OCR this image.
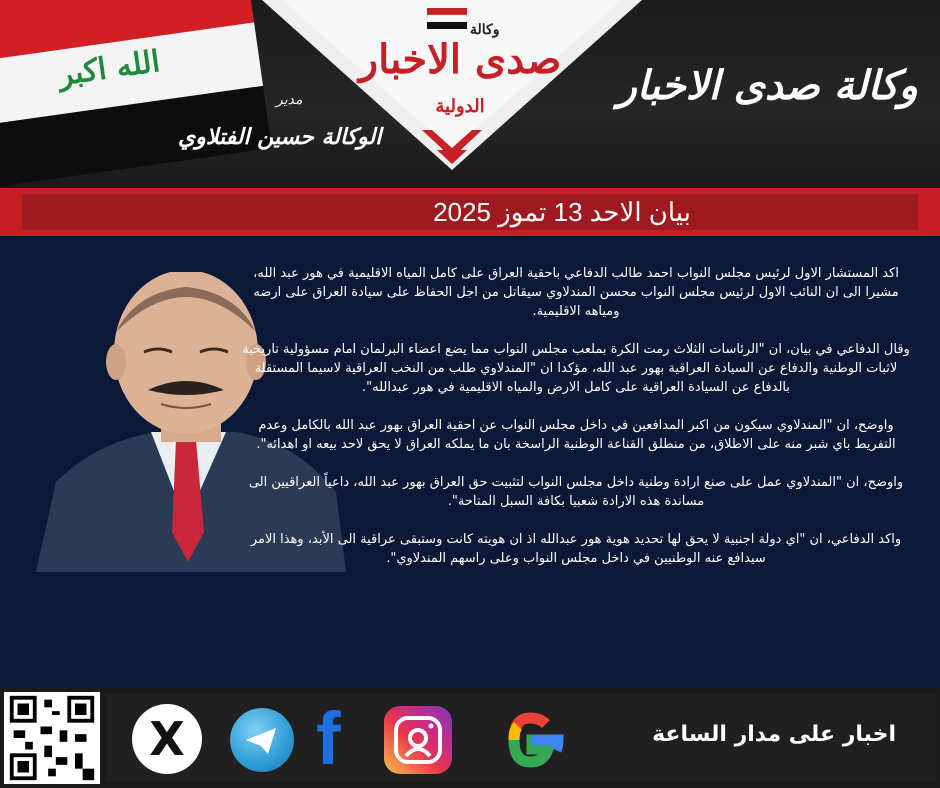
الله اكبر
وكالة
صدى الاخبار
الدولية	وكالة صدى الاخبار
مدير
الوكالة حسين الفتلاوي
بيان الاحد 13 تموز 2025

اكد المستشار الاول لرئيس مجلس النواب احمد طالب الدفاعي باحقية العراق على كامل المياه الاقليمية في هور عبد الله، مشيرا الى ان النائب الاول لرئيس مجلس النواب محسن المندلاوي سيقاتل من اجل الحفاظ على سيادة العراق على ارضه ومياهه الاقليمية.

وقال الدفاعي في بيان، ان "الرئاسات الثلاث رمت الكرة بملعب مجلس النواب مما يضع اعضاء البرلمان امام مسؤولية تاريخية لاثبات الوطنية والدفاع عن السيادة العراقية بهور عبد الله، مؤكدا ان "المندلاوي طلب من النخب العراقية لاسيما المستقلة بالدفاع عن السيادة العراقية على كامل الارض والمياه الاقليمية في هور عبدالله".

واوضح، ان "المندلاوي سيكون من اكبر المدافعين في داخل مجلس النواب عن احقية العراق بهور عبد الله بالكامل وعدم التفريط باي شبر منه على الاطلاق، من منطلق القناعة الوطنية الراسخة بان ما يملكه العراق لا يحق لاحد بيعه او اهدائه".

واوضح، ان "المندلاوي عمل على صنع ارادة وطنية داخل مجلس النواب لتثبيت حق العراق بهور عبد الله، داعياً العراقيين الى مساندة هذه الارادة شعبيا بكافة السبل المتاحة".

واكد الدفاعي، ان "اي دولة اجنبية لا يحق لها تحديد هوية هور عبدالله اذ ان هويته كانت وستبقى عراقية الى الأبد، وهذا الامر سيدافع عنه الوطنيين في داخل مجلس النواب وعلى راسهم المندلاوي".

X f	اخبار على مدار الساعة
